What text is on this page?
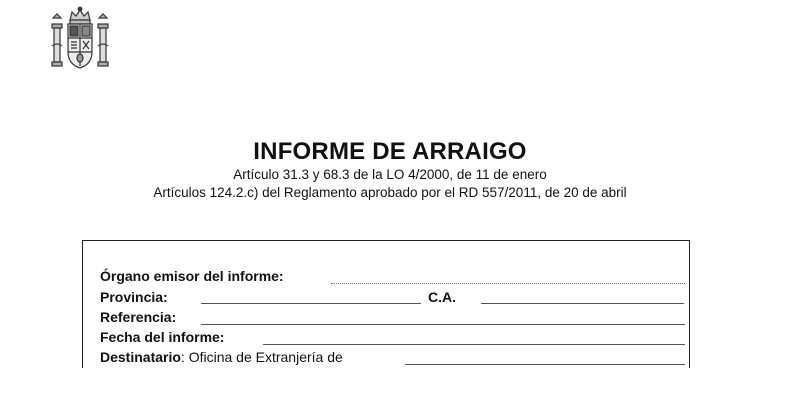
INFORME DE ARRAIGO
Artículo 31.3 y 68.3 de la LO 4/2000, de 11 de enero
Artículos 124.2.c) del Reglamento aprobado por el RD 557/2011, de 20 de abril
Órgano emisor del informe:
Provincia:	C.A.
Referencia:
Fecha del informe:
Destinatario: Oficina de Extranjería de
